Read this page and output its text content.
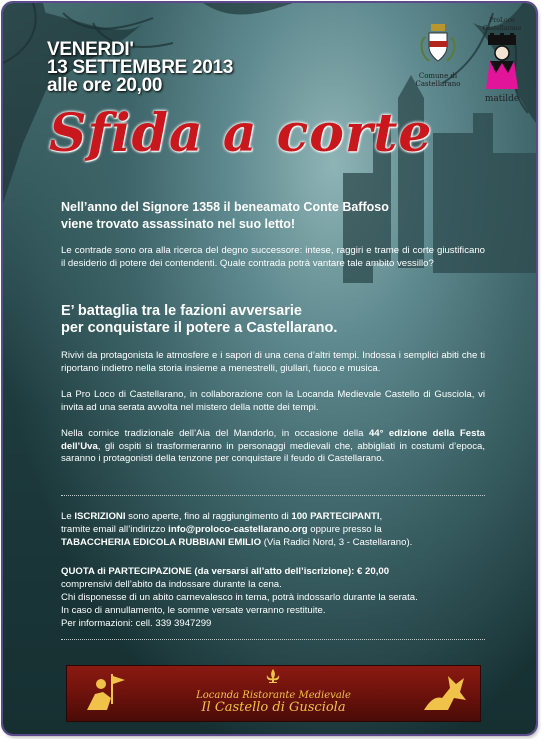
VENERDI'
13 SETTEMBRE 2013
alle ore 20,00	Comune di
Castellarano
ProLoco Castellarano
matilde
Sfida a corte
Nell’anno del Signore 1358 il beneamato Conte Baffoso
viene trovato assassinato nel suo letto!
Le contrade sono ora alla ricerca del degno successore: intese, raggiri e trame di corte giustificano il desiderio di potere dei contendenti. Quale contrada potrà vantare tale ambito vessillo?
E’ battaglia tra le fazioni avversarie
per conquistare il potere a Castellarano.
Rivivi da protagonista le atmosfere e i sapori di una cena d’altri tempi. Indossa i semplici abiti che ti riportano indietro nella storia insieme a menestrelli, giullari, fuoco e musica.
La Pro Loco di Castellarano, in collaborazione con la Locanda Medievale Castello di Gusciola, vi invita ad una serata avvolta nel mistero della notte dei tempi.
Nella cornice tradizionale dell’Aia del Mandorlo, in occasione della 44° edizione della Festa dell’Uva, gli ospiti si trasformeranno in personaggi medievali che, abbigliati in costumi d’epoca, saranno i protagonisti della tenzone per conquistare il feudo di Castellarano.
Le ISCRIZIONI sono aperte, fino al raggiungimento di 100 PARTECIPANTI,
tramite email all’indirizzo info@proloco-castellarano.org oppure presso la
TABACCHERIA EDICOLA RUBBIANI EMILIO (Via Radici Nord, 3 - Castellarano).
QUOTA di PARTECIPAZIONE (da versarsi all’atto dell’iscrizione): € 20,00
comprensivi dell’abito da indossare durante la cena.
Chi disponesse di un abito carnevalesco in tema, potrà indossarlo durante la serata.
In caso di annullamento, le somme versate verranno restituite.
Per informazioni: cell. 339 3947299
Locanda Ristorante Medievale
Il Castello di Gusciola
